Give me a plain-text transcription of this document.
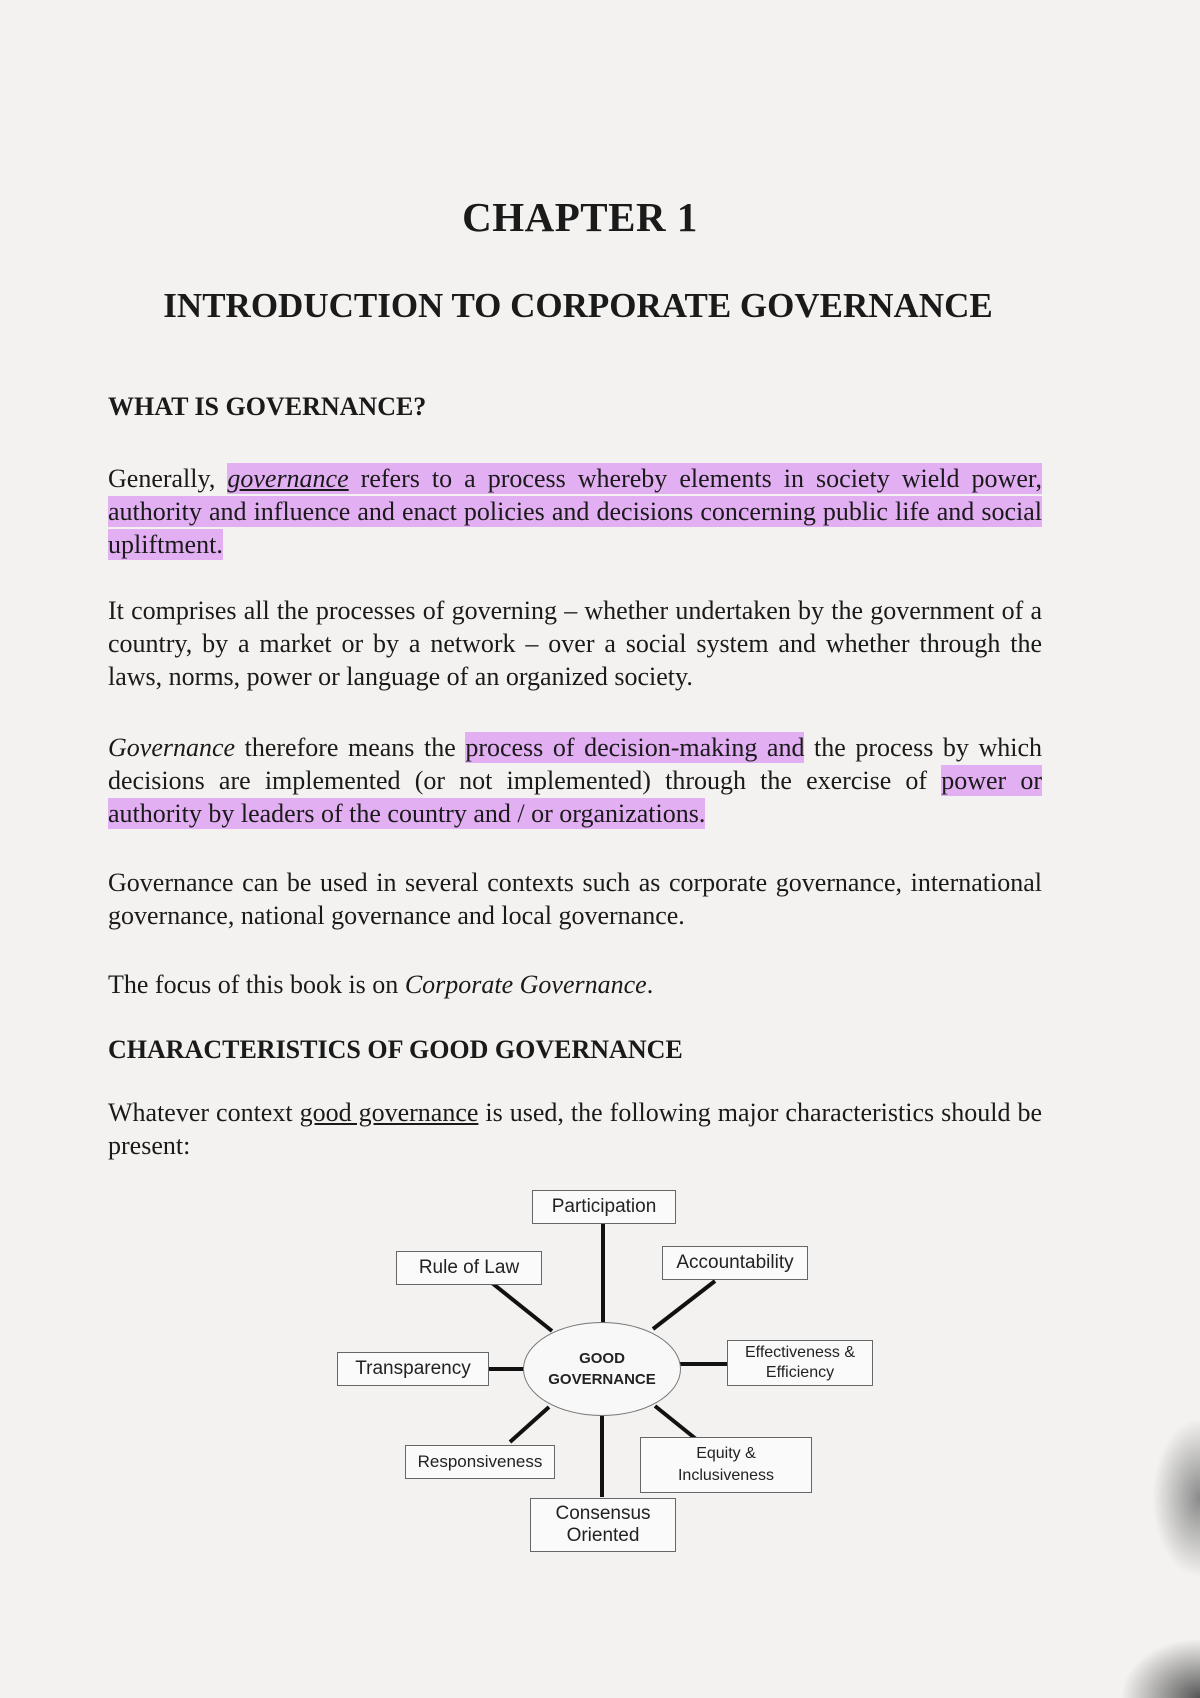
CHAPTER 1
INTRODUCTION TO CORPORATE GOVERNANCE
WHAT IS GOVERNANCE?
Generally, governance refers to a process whereby elements in society wield power, authority and influence and enact policies and decisions concerning public life and social upliftment.
It comprises all the processes of governing – whether undertaken by the government of a country, by a market or by a network – over a social system and whether through the laws, norms, power or language of an organized society.
Governance therefore means the process of decision-making and the process by which decisions are implemented (or not implemented) through the exercise of power or authority by leaders of the country and / or organizations.
Governance can be used in several contexts such as corporate governance, international governance, national governance and local governance.
The focus of this book is on Corporate Governance.
CHARACTERISTICS OF GOOD GOVERNANCE
Whatever context good governance is used, the following major characteristics should be present:
GOOD
GOVERNANCE
Participation
Accountability
Effectiveness &
Efficiency
Equity & Inclusiveness
Consensus
Oriented
Responsiveness
Transparency
Rule of Law
